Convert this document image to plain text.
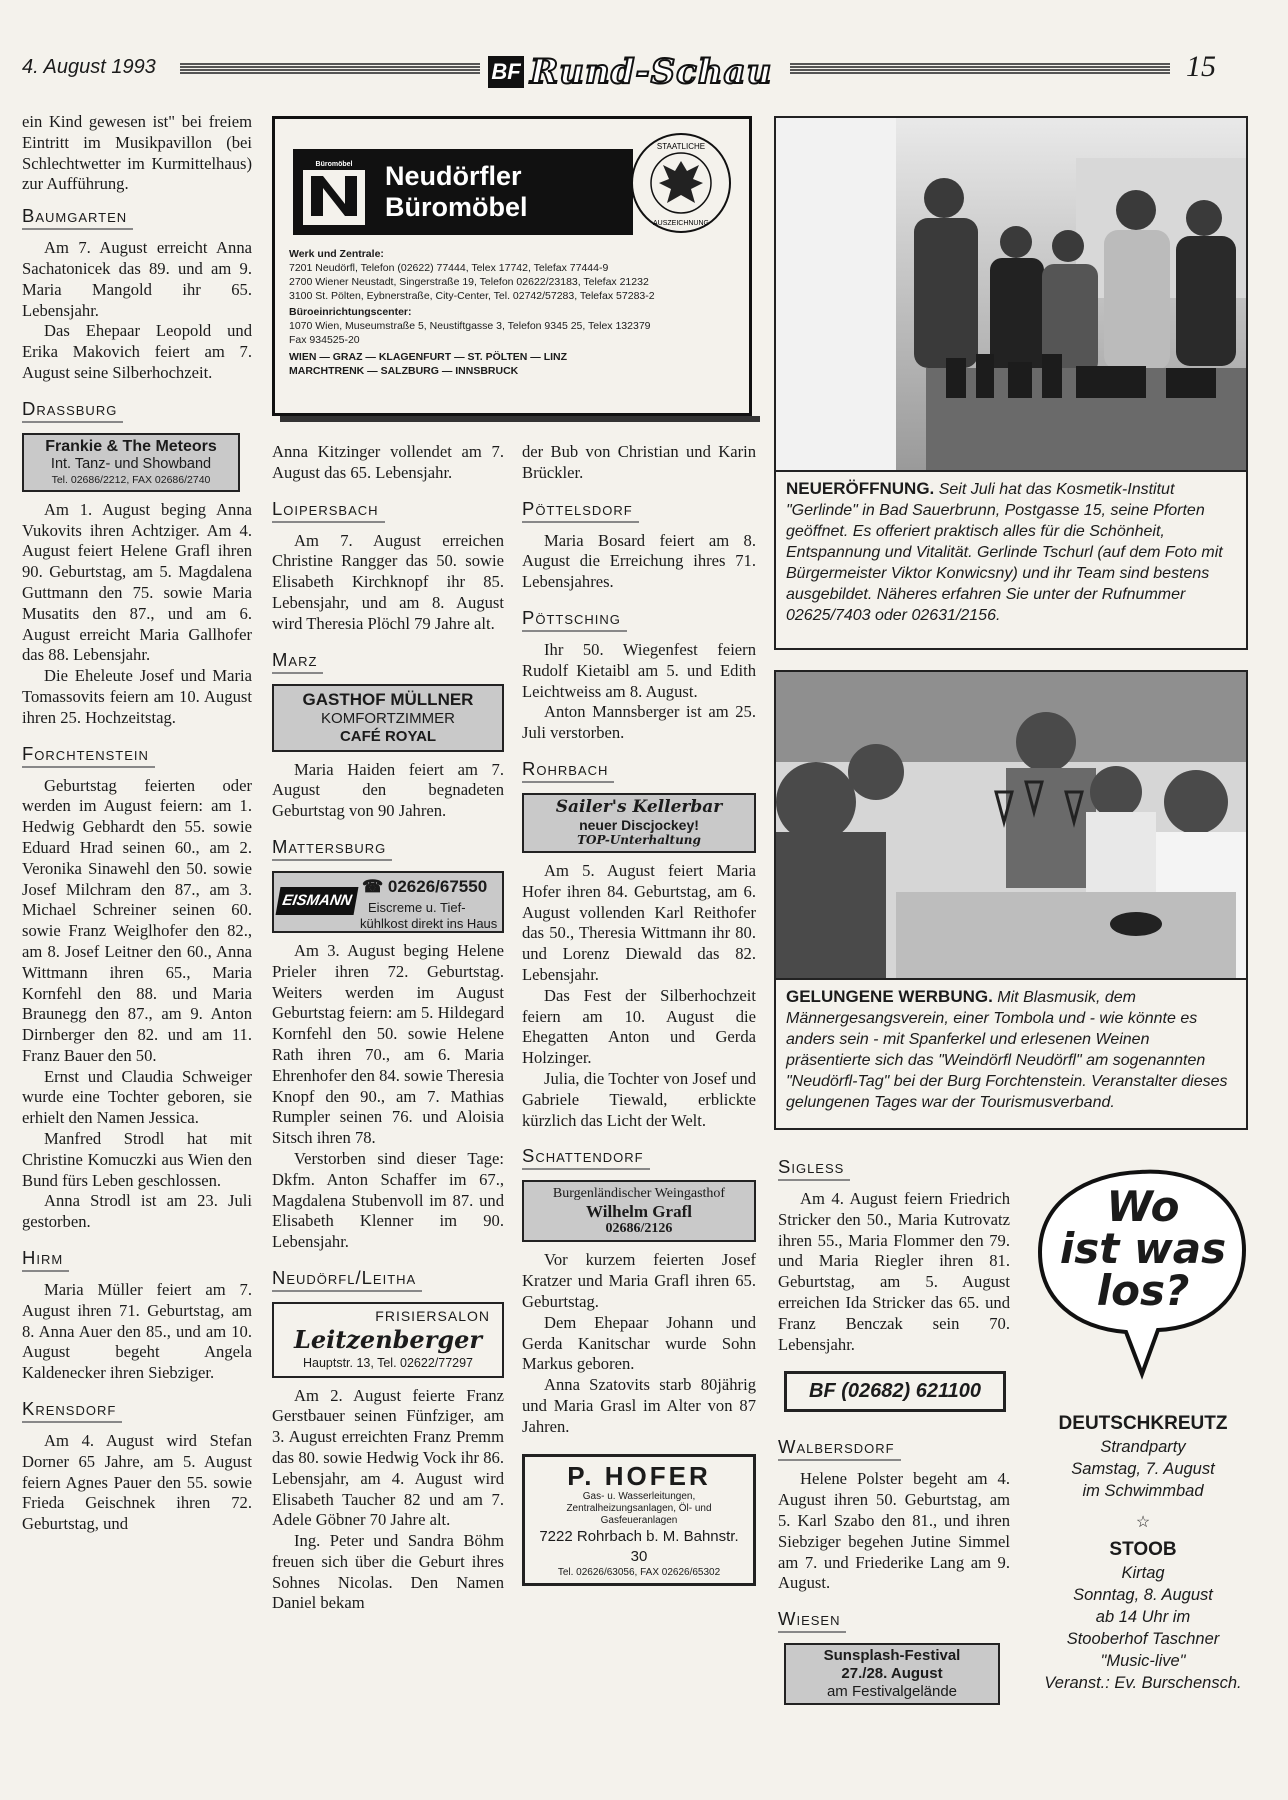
4. August 1993	BF Rund-Schau	15

ein Kind gewesen ist" bei freiem Eintritt im Musikpavillon (bei Schlechtwetter im Kurmittelhaus) zur Aufführung.

Baumgarten

Am 7. August erreicht Anna Sachatonicek das 89. und am 9. Maria Mangold ihr 65. Lebensjahr.

Das Ehepaar Leopold und Erika Makovich feiert am 7. August seine Silberhochzeit.

Drassburg
Frankie & The Meteors
Int. Tanz- und Showband
Tel. 02686/2212, FAX 02686/2740

Am 1. August beging Anna Vukovits ihren Achtziger. Am 4. August feiert Helene Grafl ihren 90. Geburtstag, am 5. Magdalena Guttmann den 75. sowie Maria Musatits den 87., und am 6. August erreicht Maria Gallhofer das 88. Lebensjahr.

Die Eheleute Josef und Maria Tomassovits feiern am 10. August ihren 25. Hochzeitstag.

Forchtenstein

Geburtstag feierten oder werden im August feiern: am 1. Hedwig Gebhardt den 55. sowie Eduard Hrad seinen 60., am 2. Veronika Sinawehl den 50. sowie Josef Milchram den 87., am 3. Michael Schreiner seinen 60. sowie Franz Weiglhofer den 82., am 8. Josef Leitner den 60., Anna Wittmann ihren 65., Maria Kornfehl den 88. und Maria Braunegg den 87., am 9. Anton Dirnberger den 82. und am 11. Franz Bauer den 50.

Ernst und Claudia Schweiger wurde eine Tochter geboren, sie erhielt den Namen Jessica.

Manfred Strodl hat mit Christine Komuczki aus Wien den Bund fürs Leben geschlossen.

Anna Strodl ist am 23. Juli gestorben.

Hirm

Maria Müller feiert am 7. August ihren 71. Geburtstag, am 8. Anna Auer den 85., und am 10. August begeht Angela Kaldenecker ihren Siebziger.

Krensdorf

Am 4. August wird Stefan Dorner 65 Jahre, am 5. August feiern Agnes Pauer den 55. sowie Frieda Geischnek ihren 72. Geburtstag, und

Büromöbel	Neudörfler
Büromöbel
STAATLICHE
AUSZEICHNUNG
Werk und Zentrale:
7201 Neudörfl, Telefon (02622) 77444, Telex 17742, Telefax 77444-9
2700 Wiener Neustadt, Singerstraße 19, Telefon 02622/23183, Telefax 21232
3100 St. Pölten, Eybnerstraße, City-Center, Tel. 02742/57283, Telefax 57283-2
Büroeinrichtungscenter:
1070 Wien, Museumstraße 5, Neustiftgasse 3, Telefon 9345 25, Telex 132379
Fax 934525-20
WIEN — GRAZ — KLAGENFURT — ST. PÖLTEN — LINZ
MARCHTRENK — SALZBURG — INNSBRUCK

Anna Kitzinger vollendet am 7. August das 65. Lebensjahr.

Loipersbach

Am 7. August erreichen Christine Rangger das 50. sowie Elisabeth Kirchknopf ihr 85. Lebensjahr, und am 8. August wird Theresia Plöchl 79 Jahre alt.

Marz
GASTHOF MÜLLNER
KOMFORTZIMMER
CAFÉ ROYAL

Maria Haiden feiert am 7. August den begnadeten Geburtstag von 90 Jahren.

Mattersburg
EISMANN
☎ 02626/67550
Eiscreme u. Tief-
kühlkost direkt ins Haus

Am 3. August beging Helene Prieler ihren 72. Geburtstag. Weiters werden im August Geburtstag feiern: am 5. Hildegard Kornfehl den 50. sowie Helene Rath ihren 70., am 6. Maria Ehrenhofer den 84. sowie Theresia Knopf den 90., am 7. Mathias Rumpler seinen 76. und Aloisia Sitsch ihren 78.

Verstorben sind dieser Tage: Dkfm. Anton Schaffer im 67., Magdalena Stubenvoll im 87. und Elisabeth Klenner im 90. Lebensjahr.

Neudörfl/Leitha
FRISIERSALON
Leitzenberger
Hauptstr. 13, Tel. 02622/77297

Am 2. August feierte Franz Gerstbauer seinen Fünfziger, am 3. August erreichten Franz Premm das 80. sowie Hedwig Vock ihr 86. Lebensjahr, am 4. August wird Elisabeth Taucher 82 und am 7. Adele Göbner 70 Jahre alt.

Ing. Peter und Sandra Böhm freuen sich über die Geburt ihres Sohnes Nicolas. Den Namen Daniel bekam

der Bub von Christian und Karin Brückler.

Pöttelsdorf

Maria Bosard feiert am 8. August die Erreichung ihres 71. Lebensjahres.

Pöttsching

Ihr 50. Wiegenfest feiern Rudolf Kietaibl am 5. und Edith Leichtweiss am 8. August.

Anton Mannsberger ist am 25. Juli verstorben.

Rohrbach
Sailer's Kellerbar
neuer Discjockey!
TOP-Unterhaltung

Am 5. August feiert Maria Hofer ihren 84. Geburtstag, am 6. August vollenden Karl Reithofer das 50., Theresia Wittmann ihr 80. und Lorenz Diewald das 82. Lebensjahr.

Das Fest der Silberhochzeit feiern am 10. August die Ehegatten Anton und Gerda Holzinger.

Julia, die Tochter von Josef und Gabriele Tiewald, erblickte kürzlich das Licht der Welt.

Schattendorf
Burgenländischer Weingasthof
Wilhelm Grafl
02686/2126

Vor kurzem feierten Josef Kratzer und Maria Grafl ihren 65. Geburtstag.

Dem Ehepaar Johann und Gerda Kanitschar wurde Sohn Markus geboren.

Anna Szatovits starb 80jährig und Maria Grasl im Alter von 87 Jahren.

P. HOFER
Gas- u. Wasserleitungen, Zentralheizungsanlagen, Öl- und Gasfeueranlagen
7222 Rohrbach b. M. Bahnstr. 30
Tel. 02626/63056, FAX 02626/65302
NEUERÖFFNUNG. Seit Juli hat das Kosmetik-Institut "Gerlinde" in Bad Sauerbrunn, Postgasse 15, seine Pforten geöffnet. Es offeriert praktisch alles für die Schönheit, Entspannung und Vitalität. Gerlinde Tschurl (auf dem Foto mit Bürgermeister Viktor Konwicsny) und ihr Team sind bestens ausgebildet. Näheres erfahren Sie unter der Rufnummer 02625/7403 oder 02631/2156.
GELUNGENE WERBUNG. Mit Blasmusik, dem Männergesangsverein, einer Tombola und - wie könnte es anders sein - mit Spanferkel und erlesenen Weinen präsentierte sich das "Weindörfl Neudörfl" am sogenannten "Neudörfl-Tag" bei der Burg Forchtenstein. Veranstalter dieses gelungenen Tages war der Tourismusverband.
Sigless

Am 4. August feiern Friedrich Stricker den 50., Maria Kutrovatz ihren 55., Maria Flommer den 79. und Maria Riegler ihren 81. Geburtstag, am 5. August erreichen Ida Stricker das 65. und Franz Benczak sein 70. Lebensjahr.

BF (02682) 621100
Walbersdorf

Helene Polster begeht am 4. August ihren 50. Geburtstag, am 5. Karl Szabo den 81., und ihren Siebziger begehen Jutine Simmel am 7. und Friederike Lang am 9. August.

Wiesen
Sunsplash-Festival
27./28. August
am Festivalgelände
Wo
ist was
los?
DEUTSCHKREUTZ
Strandparty
Samstag, 7. August
im Schwimmbad
☆
STOOB
Kirtag
Sonntag, 8. August
ab 14 Uhr im
Stooberhof Taschner
"Music-live"
Veranst.: Ev. Burschensch.
